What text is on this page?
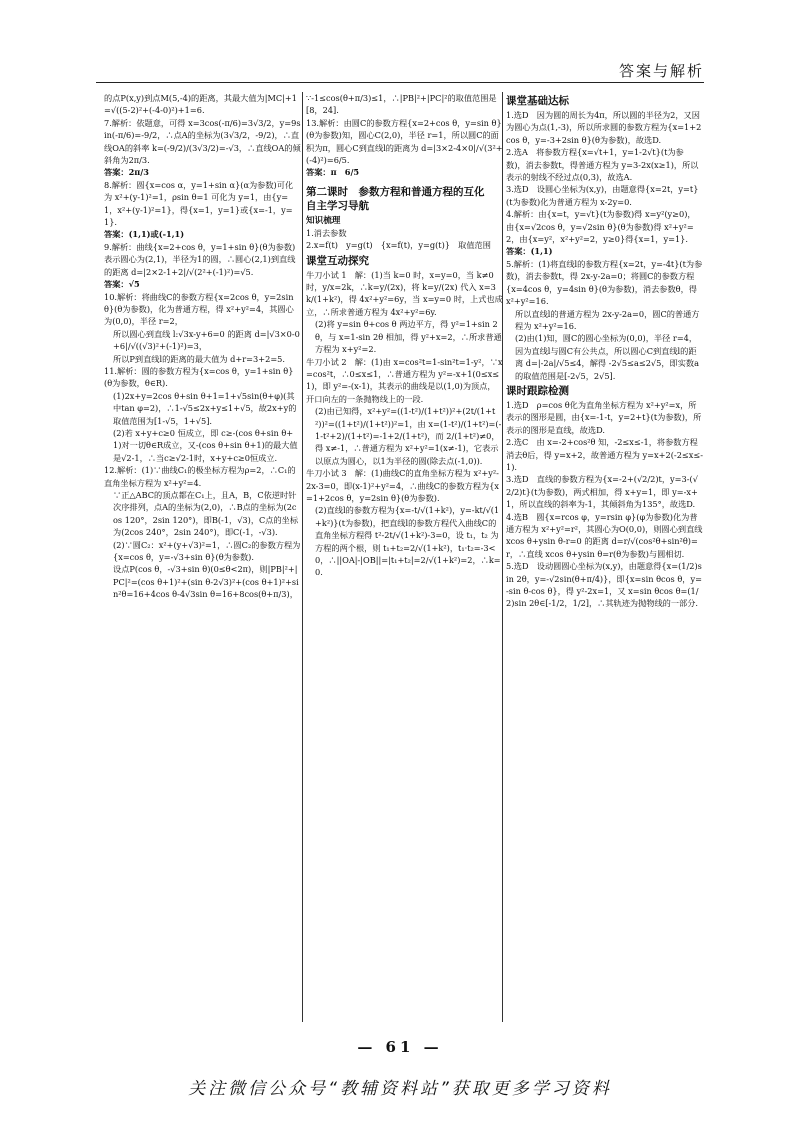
答案与解析
的点P(x,y)到点M(5,-4)的距离，其最大值为|MC|+1=√((5-2)²+(-4-0)²)+1=6.
7.解析：依题意，可得 x=3cos(-π/6)=3√3/2，y=9sin(-π/6)=-9/2，∴点A的坐标为(3√3/2，-9/2)，∴直线OA的斜率 k=(-9/2)/(3√3/2)=-√3，∴直线OA的倾斜角为2π/3.
答案：2π/3
8.解析：圆{x=cos α，y=1+sin α}(α为参数)可化为 x²+(y-1)²=1，ρsin θ=1 可化为 y=1，由{y=1，x²+(y-1)²=1}，得{x=1，y=1}或{x=-1，y=1}.
答案：(1,1)或(-1,1)
9.解析：曲线{x=2+cos θ，y=1+sin θ}(θ为参数)表示圆心为(2,1)，半径为1的圆，∴圆心(2,1)到直线的距离 d=|2×2-1+2|/√(2²+(-1)²)=√5.
答案：√5
10.解析：将曲线C的参数方程{x=2cos θ，y=2sin θ}(θ为参数)，化为普通方程，得 x²+y²=4，其圆心为(0,0)，半径 r=2，
所以圆心到直线 l:√3x-y+6=0 的距离 d=|√3×0-0+6|/√((√3)²+(-1)²)=3，
所以P到直线l的距离的最大值为 d+r=3+2=5.
11.解析：圆的参数方程为{x=cos θ，y=1+sin θ}(θ为参数，θ∈R).
(1)2x+y=2cos θ+sin θ+1=1+√5sin(θ+φ)(其中tan φ=2)，∴1-√5≤2x+y≤1+√5，故2x+y的取值范围为[1-√5，1+√5].
(2)若 x+y+c≥0 恒成立，即 c≥-(cos θ+sin θ+1)对一切θ∈R成立，又-(cos θ+sin θ+1)的最大值是√2-1，∴当c≥√2-1时，x+y+c≥0恒成立.
12.解析：(1)∵曲线C₁的极坐标方程为ρ=2，∴C₁的直角坐标方程为 x²+y²=4.
∵正△ABC的顶点都在C₁上，且A，B，C依逆时针次序排列，点A的坐标为(2,0)，∴B点的坐标为(2cos 120°，2sin 120°)，即B(-1，√3)，C点的坐标为(2cos 240°，2sin 240°)，即C(-1，-√3).
(2)∵圆C₂：x²+(y+√3)²=1，∴圆C₂的参数方程为{x=cos θ，y=-√3+sin θ}(θ为参数).
设点P(cos θ，-√3+sin θ)(0≤θ<2π)，则|PB|²+|PC|²=(cos θ+1)²+(sin θ-2√3)²+(cos θ+1)²+sin²θ=16+4cos θ-4√3sin θ=16+8cos(θ+π/3)，
∵-1≤cos(θ+π/3)≤1，∴|PB|²+|PC|²的取值范围是[8，24].
13.解析：由圆C的参数方程{x=2+cos θ，y=sin θ}(θ为参数)知，圆心C(2,0)，半径 r=1，所以圆C的面积为π，圆心C到直线l的距离为 d=|3×2-4×0|/√(3²+(-4)²)=6/5.
答案：π　6/5
第二课时　参数方程和普通方程的互化
自主学习导航
知识梳理
1.消去参数
2.x=f(t)　y=g(t)　{x=f(t)，y=g(t)}　取值范围
课堂互动探究
牛刀小试 1　解：(1)当 k=0 时，x=y=0，当 k≠0 时，y/x=2k，∴k=y/(2x)，将 k=y/(2x) 代入 x=3k/(1+k²)，得 4x²+y²=6y，当 x=y=0 时，上式也成立，∴所求普通方程为 4x²+y²=6y.
(2)将 y=sin θ+cos θ 两边平方，得 y²=1+sin 2θ，与 x=1-sin 2θ 相加，得 y²+x=2，∴所求普通方程为 x+y²=2.
牛刀小试 2　解：(1)由 x=cos²t=1-sin²t=1-y²，∵x=cos²t，∴0≤x≤1，∴普通方程为 y²=-x+1(0≤x≤1)，即 y²=-(x-1)，其表示的曲线是以(1,0)为顶点，开口向左的一条抛物线上的一段.
(2)由已知得，x²+y²=((1-t²)/(1+t²))²+(2t/(1+t²))²=((1+t²)/(1+t²))²=1，由 x=(1-t²)/(1+t²)=(-1-t²+2)/(1+t²)=-1+2/(1+t²)，而 2/(1+t²)≠0，得 x≠-1，∴普通方程为 x²+y²=1(x≠-1)，它表示以原点为圆心，以1为半径的圆(除去点(-1,0)).
牛刀小试 3　解：(1)曲线C的直角坐标方程为 x²+y²-2x-3=0，即(x-1)²+y²=4，∴曲线C的参数方程为{x=1+2cos θ，y=2sin θ}(θ为参数).
(2)直线l的参数方程为{x=-t/√(1+k²)，y=-kt/√(1+k²)}(t为参数)，把直线l的参数方程代入曲线C的直角坐标方程得 t²-2t/√(1+k²)-3=0，设 t₁，t₂ 为方程的两个根，则 t₁+t₂=2/√(1+k²)，t₁·t₂=-3<0，∴||OA|-|OB||=|t₁+t₂|=2/√(1+k²)=2，∴k=0.
课堂基础达标
1.选D　因为圆的周长为4π，所以圆的半径为2，又因为圆心为点(1,-3)，所以所求圆的参数方程为{x=1+2cos θ，y=-3+2sin θ}(θ为参数)，故选D.
2.选A　将参数方程{x=√t+1，y=1-2√t}(t为参数)，消去参数t，得普通方程为 y=3-2x(x≥1)，所以表示的射线不经过点(0,3)，故选A.
3.选D　设圆心坐标为(x,y)，由题意得{x=2t，y=t}(t为参数)化为普通方程为 x-2y=0.
4.解析：由{x=t，y=√t}(t为参数)得 x=y²(y≥0)，由{x=√2cos θ，y=√2sin θ}(θ为参数)得 x²+y²=2，由{x=y²，x²+y²=2，y≥0}得{x=1，y=1}.
答案：(1,1)
5.解析：(1)将直线l的参数方程{x=2t，y=-4t}(t为参数)，消去参数t，得 2x-y-2a=0；将圆C的参数方程{x=4cos θ，y=4sin θ}(θ为参数)，消去参数θ，得 x²+y²=16.
所以直线l的普通方程为 2x-y-2a=0，圆C的普通方程为 x²+y²=16.
(2)由(1)知，圆C的圆心坐标为(0,0)，半径 r=4，因为直线l与圆C有公共点，所以圆心C到直线l的距离 d=|-2a|/√5≤4，解得 -2√5≤a≤2√5，即实数a的取值范围是[-2√5，2√5].
课时跟踪检测
1.选D　ρ=cos θ化为直角坐标方程为 x²+y²=x，所表示的图形是圆，由{x=-1-t，y=2+t}(t为参数)，所表示的图形是直线，故选D.
2.选C　由 x=-2+cos²θ 知，-2≤x≤-1，将参数方程消去θ后，得 y=x+2，故普通方程为 y=x+2(-2≤x≤-1).
3.选D　直线的参数方程为{x=-2+(√2/2)t，y=3-(√2/2)t}(t为参数)，两式相加，得 x+y=1，即 y=-x+1，所以直线的斜率为-1，其倾斜角为135°，故选D.
4.选B　圆{x=rcos φ，y=rsin φ}(φ为参数)化为普通方程为 x²+y²=r²，其圆心为O(0,0)，则圆心到直线 xcos θ+ysin θ-r=0 的距离 d=r/√(cos²θ+sin²θ)=r，∴直线 xcos θ+ysin θ=r(θ为参数)与圆相切.
5.选D　设动圆圆心坐标为(x,y)，由题意得{x=(1/2)sin 2θ，y=-√2sin(θ+π/4)}，即{x=sin θcos θ，y=-sin θ-cos θ}，得 y²-2x=1，又 x=sin θcos θ=(1/2)sin 2θ∈[-1/2，1/2]，∴其轨迹为抛物线的一部分.
— 61 —
关注微信公众号“教辅资料站”获取更多学习资料
